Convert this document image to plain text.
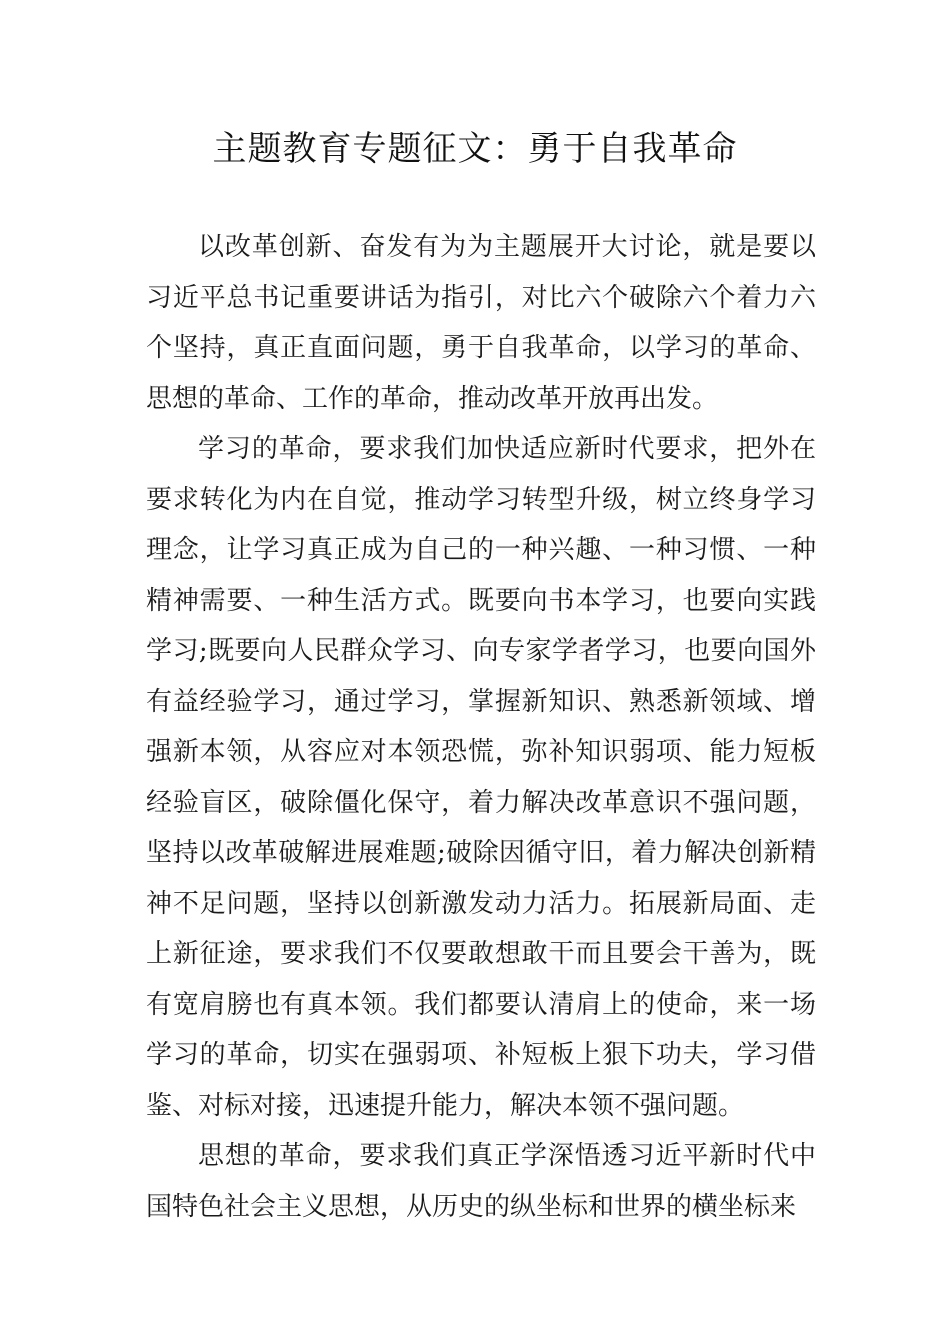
主题教育专题征文：勇于自我革命

以改革创新、奋发有为为主题展开大讨论，就是要以习近平总书记重要讲话为指引，对比六个破除六个着力六个坚持，真正直面问题，勇于自我革命，以学习的革命、思想的革命、工作的革命，推动改革开放再出发。

学习的革命，要求我们加快适应新时代要求，把外在要求转化为内在自觉，推动学习转型升级，树立终身学习理念，让学习真正成为自己的一种兴趣、一种习惯、一种精神需要、一种生活方式。既要向书本学习，也要向实践学习;既要向人民群众学习、向专家学者学习，也要向国外有益经验学习，通过学习，掌握新知识、熟悉新领域、增强新本领，从容应对本领恐慌，弥补知识弱项、能力短板经验盲区，破除僵化保守，着力解决改革意识不强问题，坚持以改革破解进展难题;破除因循守旧，着力解决创新精神不足问题，坚持以创新激发动力活力。拓展新局面、走上新征途，要求我们不仅要敢想敢干而且要会干善为，既有宽肩膀也有真本领。我们都要认清肩上的使命，来一场学习的革命，切实在强弱项、补短板上狠下功夫，学习借鉴、对标对接，迅速提升能力，解决本领不强问题。

思想的革命，要求我们真正学深悟透习近平新时代中国特色社会主义思想，从历史的纵坐标和世界的横坐标来
